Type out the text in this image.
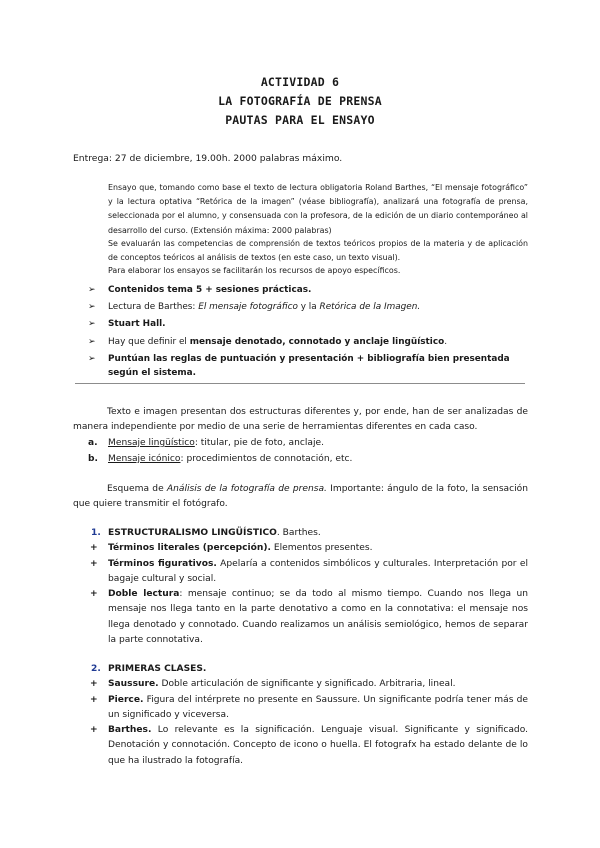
ACTIVIDAD 6
LA FOTOGRAFÍA DE PRENSA
PAUTAS PARA EL ENSAYO
Entrega: 27 de diciembre, 19.00h. 2000 palabras máximo.

Ensayo que, tomando como base el texto de lectura obligatoria Roland Barthes, “El mensaje fotográfico” y la lectura optativa “Retórica de la imagen” (véase bibliografía), analizará una fotografía de prensa, seleccionada por el alumno, y consensuada con la profesora, de la edición de un diario contemporáneo al desarrollo del curso. (Extensión máxima: 2000 palabras)

Se evaluarán las competencias de comprensión de textos teóricos propios de la materia y de aplicación de conceptos teóricos al análisis de textos (en este caso, un texto visual).

Para elaborar los ensayos se facilitarán los recursos de apoyo específicos.

➢ Contenidos tema 5 + sesiones prácticas.
➢ Lectura de Barthes: El mensaje fotográfico y la Retórica de la Imagen.
➢ Stuart Hall.
➢ Hay que definir el mensaje denotado, connotado y anclaje lingüístico.
➢ Puntúan las reglas de puntuación y presentación + bibliografía bien presentada según el sistema.

Texto e imagen presentan dos estructuras diferentes y, por ende, han de ser analizadas de manera independiente por medio de una serie de herramientas diferentes en cada caso.

a. Mensaje lingüístico: titular, pie de foto, anclaje.
b. Mensaje icónico: procedimientos de connotación, etc.

Esquema de Análisis de la fotografía de prensa. Importante: ángulo de la foto, la sensación que quiere transmitir el fotógrafo.

1. ESTRUCTURALISMO LINGÜÍSTICO. Barthes.
+ Términos literales (percepción). Elementos presentes.
+ Términos figurativos. Apelaría a contenidos simbólicos y culturales. Interpretación por el bagaje cultural y social.
+ Doble lectura: mensaje continuo; se da todo al mismo tiempo. Cuando nos llega un mensaje nos llega tanto en la parte denotativo a como en la connotativa: el mensaje nos llega denotado y connotado. Cuando realizamos un análisis semiológico, hemos de separar la parte connotativa.
2. PRIMERAS CLASES.
+ Saussure. Doble articulación de significante y significado. Arbitraria, lineal.
+ Pierce. Figura del intérprete no presente en Saussure. Un significante podría tener más de un significado y viceversa.
+ Barthes. Lo relevante es la significación. Lenguaje visual. Significante y significado. Denotación y connotación. Concepto de icono o huella. El fotografx ha estado delante de lo que ha ilustrado la fotografía.
